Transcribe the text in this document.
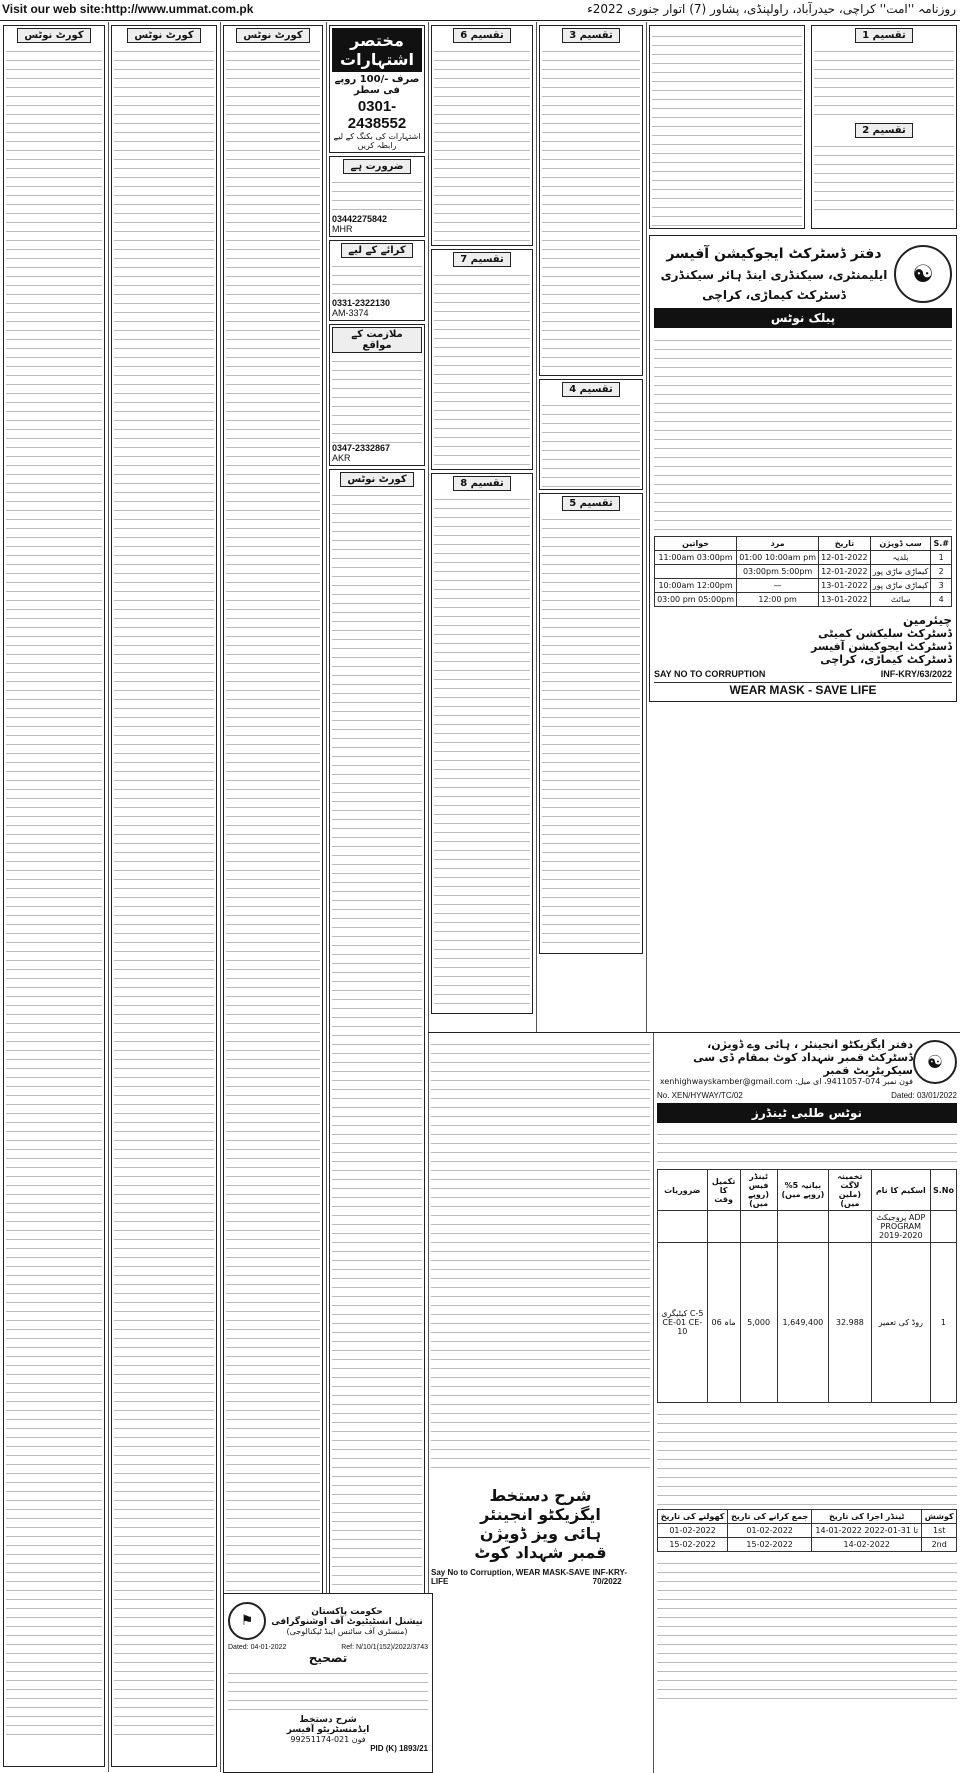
Visit our web site:http://www.ummat.com.pk	روزنامہ ''امت'' کراچی، حیدرآباد، راولپنڈی، پشاور (7) اتوار جنوری 2022ء
کورٹ نوٹس	کورٹ نوٹس	کورٹ نوٹس	مختصر اشتہارات
صرف -/100 روپے فی سطر
0301-2438552
اشتہارات کی بکنگ کے لیے رابطہ کریں
ضرورت ہے
03442275842
MHR
کرائے کے لیے
0331-2322130
AM-3374
ملازمت کے مواقع
0347-2332867
AKR
کورٹ نوٹس
تقسیم 6
تقسیم 7
تقسیم 8
تقسیم 3
تقسیم 4
تقسیم 5
تقسیم 1
تقسیم 2
دفتر ڈسٹرکٹ ایجوکیشن آفیسر
ایلیمنٹری، سیکنڈری اینڈ ہائر سیکنڈری
ڈسٹرکٹ کیماڑی، کراچی
☯
پبلک نوٹس
خواتین	مرد	تاریخ	سب ڈویژن	S.#
11:00am 03:00pm	01:00 10:00am pm	12-01-2022	بلدیہ	1
	03:00pm 5:00pm	12-01-2022	کیماڑی ماڑی پور	2
10:00am 12:00pm	—	13-01-2022	کیماڑی ماڑی پور	3
03:00 pm 05:00pm	12:00 pm	13-01-2022	سائٹ	4
چیئرمین
ڈسٹرکٹ سلیکشن کمیٹی
ڈسٹرکٹ ایجوکیشن آفیسر
ڈسٹرکٹ کیماڑی، کراچی
SAY NO TO CORRUPTION	INF-KRY/63/2022
WEAR MASK - SAVE LIFE
شرح دستخط
ایگزیکٹو انجینئر
ہائی ویز ڈویژن
قمبر شہداد کوٹ
Say No to Corruption, WEAR MASK-SAVE LIFE
INF-KRY-70/2022
دفتر ایگزیکٹو انجینئر ، ہائی وے ڈویژن،
ڈسٹرکٹ قمبر شہداد کوٹ بمقام ڈی سی سیکریٹریٹ قمبر
فون نمبر 074-9411057، ای میل: xenhighwayskamber@gmail.com
☯
No. XEN/HYWAY/TC/02	Dated: 03/01/2022
نوٹس طلبی ٹینڈرز
ضروریات	تکمیل کا وقت	ٹینڈر فیس (روپے میں)	بیانیہ 5% (روپے میں)	تخمینہ لاگت (ملین میں)	اسکیم کا نام	S.No
					پروجیکٹ ADP PROGRAM 2019-2020	
کیٹیگری C-5 CE-01 CE-10	06 ماہ	5,000	1,649,400	32.988	روڈ کی تعمیر	1
کھولنے کی تاریخ	جمع کرانے کی تاریخ	ٹینڈر اجرا کی تاریخ	کوشش
01-02-2022	01-02-2022	14-01-2022 تا 31-01-2022	1st
15-02-2022	15-02-2022	14-02-2022	2nd
حکومت پاکستان
نیشنل انسٹیٹیوٹ آف اوشنوگرافی
(منسٹری آف سائنس اینڈ ٹیکنالوجی)
⚑
Dated: 04-01-2022	Ref: N/10/1(152)/2022/3743
تصحیح
شرح دستخط
ایڈمنسٹریٹو آفیسر
فون 021-99251174
PID (K) 1893/21
